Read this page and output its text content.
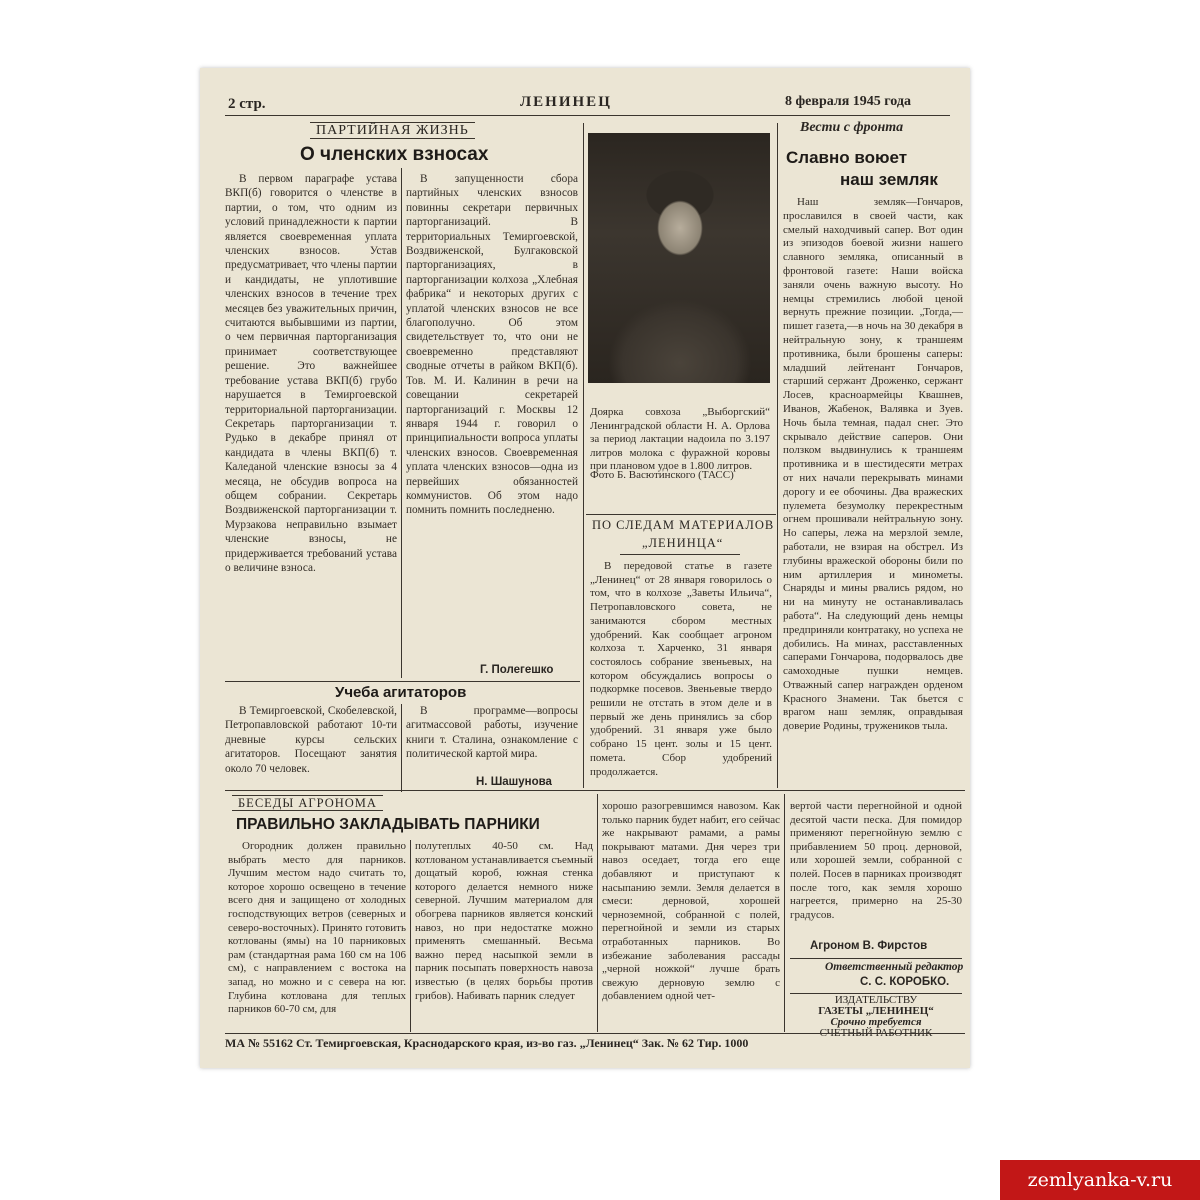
2 стр.	ЛЕНИНЕЦ	8 февраля 1945 года
ПАРТИЙНАЯ ЖИЗНЬ
О членских взносах

В первом параграфе устава ВКП(б) говорится о членстве в партии, о том, что одним из условий принадлежности к партии является своевременная уплата членских взносов. Устав предусматривает, что члены партии и кандидаты, не уплотившие членских взносов в течение трех месяцев без уважительных причин, считаются выбывшими из партии, о чем первичная парторганизация принимает соответствующее решение. Это важнейшее требование устава ВКП(б) грубо нарушается в Темиргоевской территориальной парторганизации. Секретарь парторганизации т. Рудько в декабре принял от кандидата в члены ВКП(б) т. Каледаной членские взносы за 4 месяца, не обсудив вопроса на общем собрании. Секретарь Воздвиженской парторганизации т. Мурзакова неправильно взымает членские взносы, не придерживается требований устава о величине взноса.

В запущенности сбора партийных членских взносов повинны секретари первичных парторганизаций. В территориальных Темиргоевской, Воздвиженской, Булгаковской парторганизациях, в парторганизации колхоза „Хлебная фабрика“ и некоторых других с уплатой членских взносов не все благополучно. Об этом свидетельствует то, что они не своевременно представляют сводные отчеты в райком ВКП(б). Тов. М. И. Калинин в речи на совещании секретарей парторганизаций г. Москвы 12 января 1944 г. говорил о принципиальности вопроса уплаты членских взносов. Своевременная уплата членских взносов—одна из первейших обязанностей коммунистов. Об этом надо помнить помнить последненю.

Г. Полегешко
Учеба агитаторов

В Темиргоевской, Скобелевской, Петропавловской работают 10-ти дневные курсы сельских агитаторов. Посещают занятия около 70 человек.

В программе—вопросы агитмассовой работы, изучение книги т. Сталина, ознакомление с политической картой мира.

Н. Шашунова
Доярка совхоза „Выборгский“ Ленинградской области Н. А. Орлова за период лактации надоила по 3.197 литров молока с фуражной коровы при плановом удое в 1.800 литров.
Фото Б. Васютинского (ТАСС)
ПО СЛЕДАМ МАТЕРИАЛОВ
„ЛЕНИНЦА“

В передовой статье в газете „Ленинец“ от 28 января говорилось о том, что в колхозе „Заветы Ильича“, Петропавловского совета, не занимаются сбором местных удобрений. Как сообщает агроном колхоза т. Харченко, 31 января состоялось собрание звеньевых, на котором обсуждались вопросы о подкормке посевов. Звеньевые твердо решили не отстать в этом деле и в первый же день принялись за сбор удобрений. 31 января уже было собрано 15 цент. золы и 15 цент. помета. Сбор удобрений продолжается.

Вести с фронта
Славно воюет
наш земляк

Наш земляк—Гончаров, прославился в своей части, как смелый находчивый сапер. Вот один из эпизодов боевой жизни нашего славного земляка, описанный в фронтовой газете: Наши войска заняли очень важную высоту. Но немцы стремились любой ценой вернуть прежние позиции. „Тогда,—пишет газета,—в ночь на 30 декабря в нейтральную зону, к траншеям противника, были брошены саперы: младший лейтенант Гончаров, старший сержант Дроженко, сержант Лосев, красноармейцы Квашнев, Иванов, Жабенок, Валявка и Зуев. Ночь была темная, падал снег. Это скрывало действие саперов. Они ползком выдвинулись к траншеям противника и в шестидесяти метрах от них начали перекрывать минами дорогу и ее обочины. Два вражеских пулемета безумолку перекрестным огнем прошивали нейтральную зону. Но саперы, лежа на мерзлой земле, работали, не взирая на обстрел. Из глубины вражеской обороны били по ним артиллерия и минометы. Снаряды и мины рвались рядом, но ни на минуту не останавливалась работа“. На следующий день немцы предприняли контратаку, но успеха не добились. На минах, расставленных саперами Гончарова, подорвалось две самоходные пушки немцев. Отважный сапер награжден орденом Красного Знамени. Так бьется с врагом наш земляк, оправдывая доверие Родины, тружеников тыла.

БЕСЕДЫ АГРОНОМА
ПРАВИЛЬНО ЗАКЛАДЫВАТЬ ПАРНИКИ

Огородник должен правильно выбрать место для парников. Лучшим местом надо считать то, которое хорошо освещено в течение всего дня и защищено от холодных господствующих ветров (северных и северо-восточных). Принято готовить котлованы (ямы) на 10 парниковых рам (стандартная рама 160 см на 106 см), с направлением с востока на запад, но можно и с севера на юг. Глубина котлована для теплых парников 60-70 см, для

полутеплых 40-50 см. Над котлованом устанавливается съемный дощатый короб, южная стенка которого делается немного ниже северной. Лучшим материалом для обогрева парников является конский навоз, но при недостатке можно применять смешанный. Весьма важно перед насыпкой земли в парник посыпать поверхность навоза известью (в целях борьбы против грибов). Набивать парник следует

хорошо разогревшимся навозом. Как только парник будет набит, его сейчас же накрывают рамами, а рамы покрывают матами. Дня через три навоз оседает, тогда его еще добавляют и приступают к насыпанию земли. Земля делается в смеси: дерновой, хорошей черноземной, собранной с полей, перегнойной и земли из старых отработанных парников. Во избежание заболевания рассады „черной ножкой“ лучше брать свежую дерновую землю с добавлением одной чет-

вертой части перегнойной и одной десятой части песка. Для помидор применяют перегнойную землю с прибавлением 50 проц. дерновой, или хорошей земли, собранной с полей. Посев в парниках производят после того, как земля хорошо нагреется, примерно на 25-30 градусов.

Агроном В. Фирстов
Ответственный редактор
С. С. КОРОБКО.
ИЗДАТЕЛЬСТВУ
ГАЗЕТЫ „ЛЕНИНЕЦ“
Срочно требуется
СЧЕТНЫЙ РАБОТНИК
МА № 55162 Ст. Темиргоевская, Краснодарского края, из-во газ. „Ленинец“ Зак. № 62 Тир. 1000
zemlyanka-v.ru
